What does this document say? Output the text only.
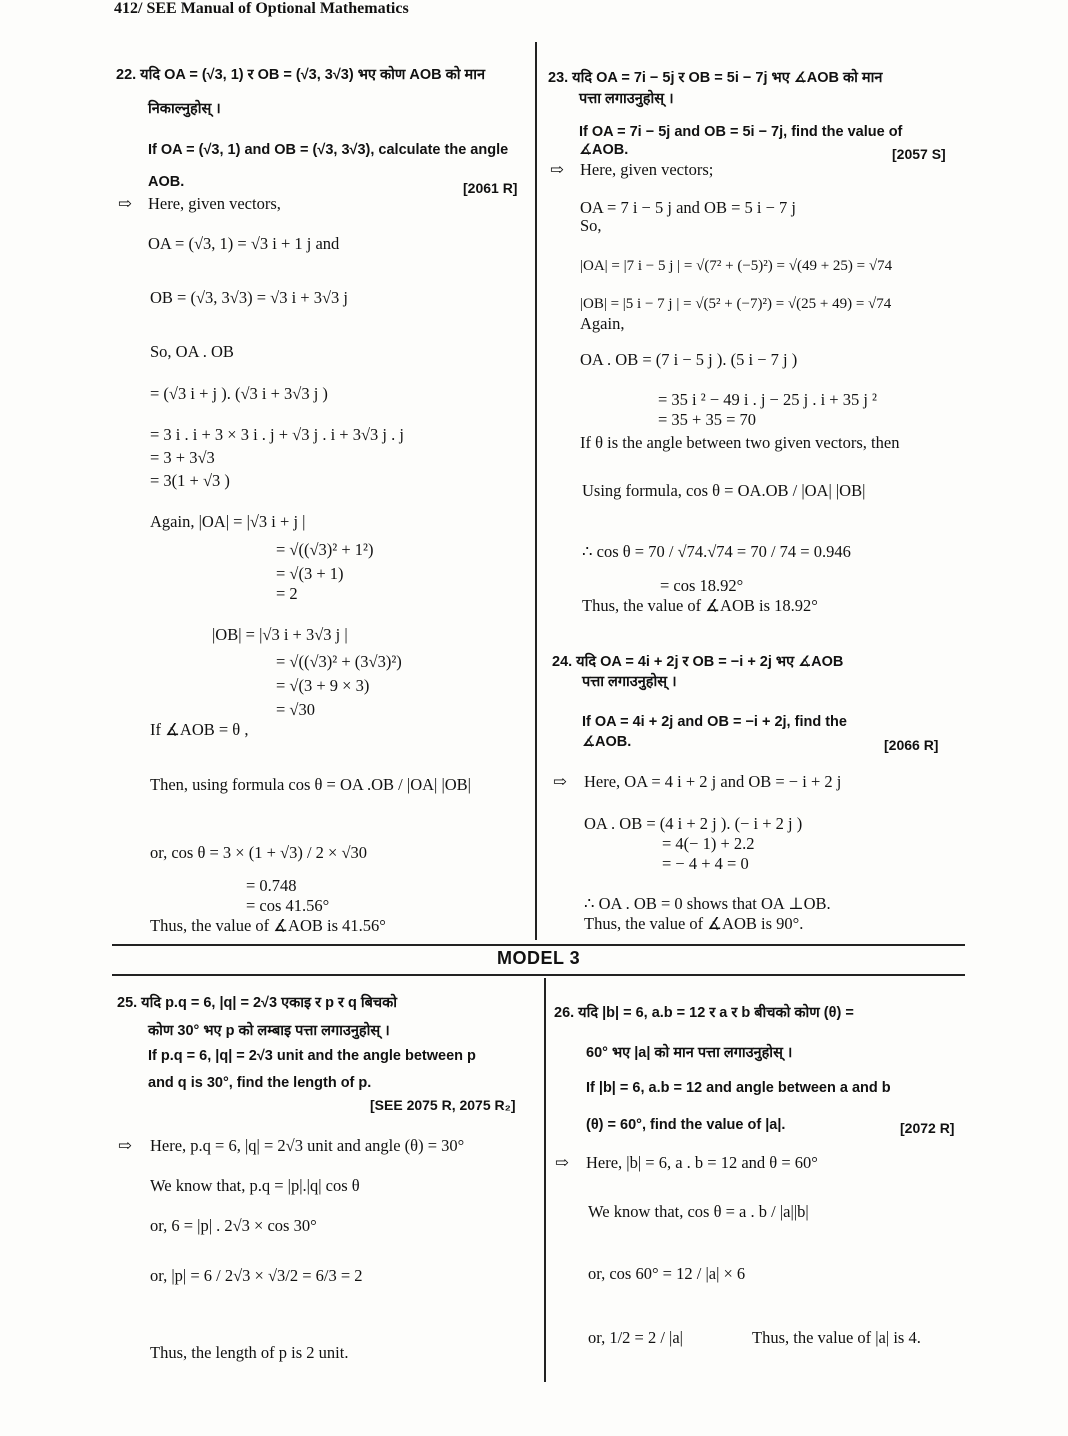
412/ SEE Manual of Optional Mathematics
MODEL 3
22. यदि OA = (√3, 1) र OB = (√3, 3√3) भए कोण AOB को मान
निकाल्नुहोस् ।
If OA = (√3, 1) and OB = (√3, 3√3), calculate the angle
AOB.	[2061 R]
⇨ Here, given vectors,
OA = (√3, 1) = √3 i + 1 j and
OB = (√3, 3√3) = √3 i + 3√3 j
So, OA . OB
= (√3 i + j ). (√3 i + 3√3 j )
= 3 i . i + 3 × 3 i . j + √3 j . i + 3√3 j . j
= 3 + 3√3
= 3(1 + √3 )
Again, |OA| = |√3 i + j |
= √((√3)² + 1²)
= √(3 + 1)
= 2
|OB| = |√3 i + 3√3 j |
= √((√3)² + (3√3)²)
= √(3 + 9 × 3)
= √30
If ∡AOB = θ ,
Then, using formula cos θ = OA .OB / |OA| |OB|
or, cos θ = 3 × (1 + √3) / 2 × √30
= 0.748
= cos 41.56°
Thus, the value of ∡AOB is 41.56°
23. यदि OA = 7i − 5j र OB = 5i − 7j भए ∡AOB को मान
पत्ता लगाउनुहोस् ।
If OA = 7i − 5j and OB = 5i − 7j, find the value of
∡AOB.	[2057 S]
⇨ Here, given vectors;
OA = 7 i − 5 j and OB = 5 i − 7 j
So,
|OA| = |7 i − 5 j | = √(7² + (−5)²) = √(49 + 25) = √74
|OB| = |5 i − 7 j | = √(5² + (−7)²) = √(25 + 49) = √74
Again,
OA . OB = (7 i − 5 j ). (5 i − 7 j )
= 35 i ² − 49 i . j − 25 j . i + 35 j ²
= 35 + 35 = 70
If θ is the angle between two given vectors, then
Using formula, cos θ = OA.OB / |OA| |OB|
∴ cos θ = 70 / √74.√74 = 70 / 74 = 0.946
= cos 18.92°
Thus, the value of ∡AOB is 18.92°
24. यदि OA = 4i + 2j र OB = −i + 2j भए ∡AOB
पत्ता लगाउनुहोस् ।
If OA = 4i + 2j and OB = −i + 2j, find the
∡AOB.	[2066 R]
⇨ Here, OA = 4 i + 2 j and OB = − i + 2 j
OA . OB = (4 i + 2 j ). (− i + 2 j )
= 4(− 1) + 2.2
= − 4 + 4 = 0
∴ OA . OB = 0 shows that OA ⊥OB.
Thus, the value of ∡AOB is 90°.
25. यदि p.q = 6, |q| = 2√3 एकाइ र p र q बिचको
कोण 30° भए p को लम्बाइ पत्ता लगाउनुहोस् ।
If p.q = 6, |q| = 2√3 unit and the angle between p
and q is 30°, find the length of p.
[SEE 2075 R, 2075 R₂]
⇨ Here, p.q = 6, |q| = 2√3 unit and angle (θ) = 30°
We know that, p.q = |p|.|q| cos θ
or, 6 = |p| . 2√3 × cos 30°
or, |p| = 6 / 2√3 × √3/2 = 6/3 = 2
Thus, the length of p is 2 unit.
26. यदि |b| = 6, a.b = 12 र a र b बीचको कोण (θ) =
60° भए |a| को मान पत्ता लगाउनुहोस् ।
If |b| = 6, a.b = 12 and angle between a and b
(θ) = 60°, find the value of |a|.	[2072 R]
⇨ Here, |b| = 6, a . b = 12 and θ = 60°
We know that, cos θ = a . b / |a||b|
or, cos 60° = 12 / |a| × 6
or, 1/2 = 2 / |a|	Thus, the value of |a| is 4.
